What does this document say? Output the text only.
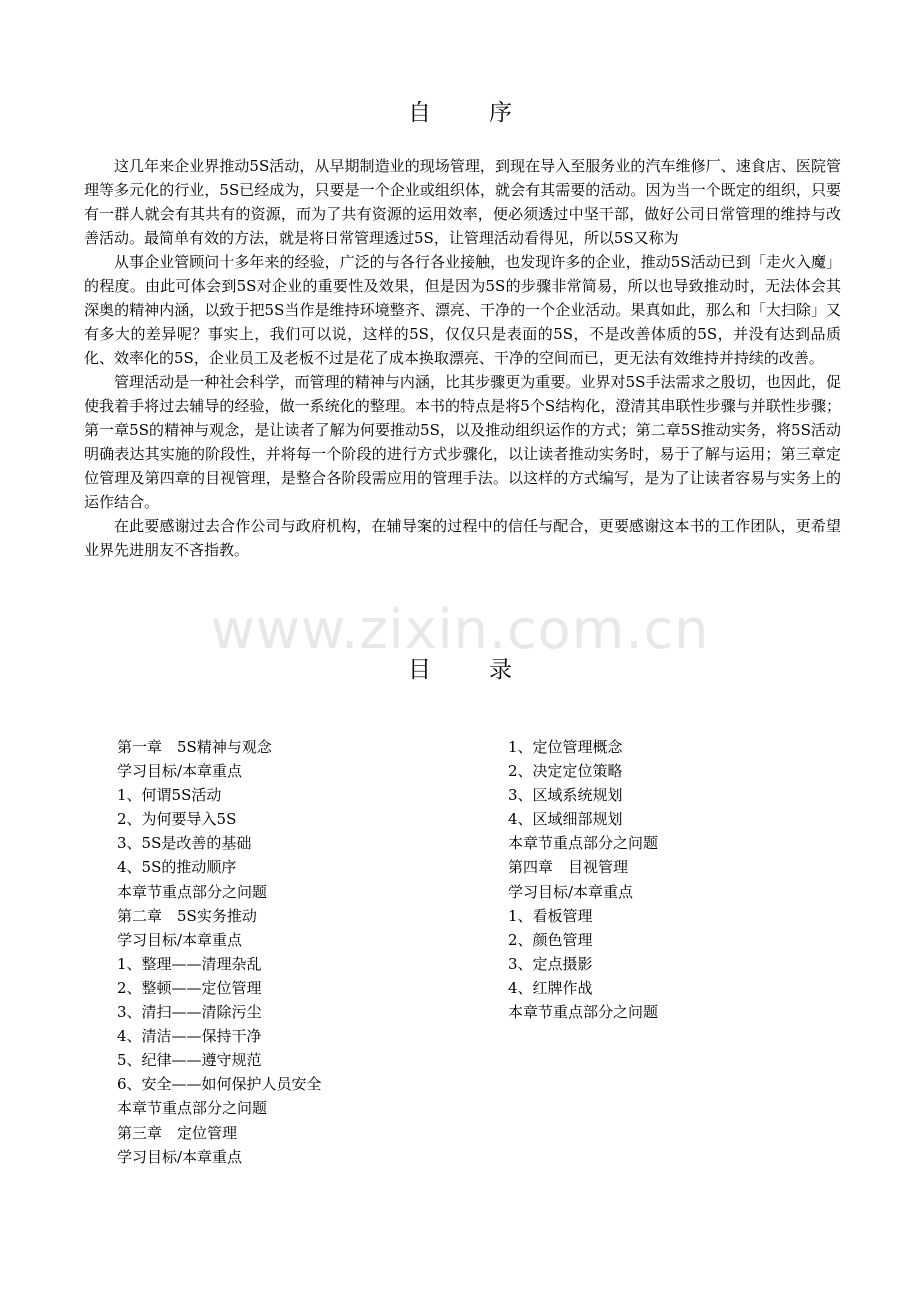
自序

这几年来企业界推动5S活动，从早期制造业的现场管理，到现在导入至服务业的汽车维修厂、速食店、医院管理等多元化的行业，5S已经成为，只要是一个企业或组织体，就会有其需要的活动。因为当一个既定的组织，只要有一群人就会有其共有的资源，而为了共有资源的运用效率，便必须透过中坚干部，做好公司日常管理的维持与改善活动。最简单有效的方法，就是将日常管理透过5S，让管理活动看得见，所以5S又称为

从事企业管顾问十多年来的经验，广泛的与各行各业接触，也发现许多的企业，推动5S活动已到「走火入魔」的程度。由此可体会到5S对企业的重要性及效果，但是因为5S的步骤非常简易，所以也导致推动时，无法体会其深奥的精神内涵，以致于把5S当作是维持环境整齐、漂亮、干净的一个企业活动。果真如此，那么和「大扫除」又有多大的差异呢？事实上，我们可以说，这样的5S，仅仅只是表面的5S，不是改善体质的5S，并没有达到品质化、效率化的5S，企业员工及老板不过是花了成本换取漂亮、干净的空间而已，更无法有效维持并持续的改善。

管理活动是一种社会科学，而管理的精神与内涵，比其步骤更为重要。业界对5S手法需求之殷切，也因此，促使我着手将过去辅导的经验，做一系统化的整理。本书的特点是将5个S结构化，澄清其串联性步骤与并联性步骤；第一章5S的精神与观念，是让读者了解为何要推动5S，以及推动组织运作的方式；第二章5S推动实务，将5S活动明确表达其实施的阶段性，并将每一个阶段的进行方式步骤化，以让读者推动实务时，易于了解与运用；第三章定位管理及第四章的目视管理，是整合各阶段需应用的管理手法。以这样的方式编写，是为了让读者容易与实务上的运作结合。

在此要感谢过去合作公司与政府机构，在辅导案的过程中的信任与配合，更要感谢这本书的工作团队，更希望业界先进朋友不吝指教。

www.zixin.com.cn
目录
第一章　5S精神与观念
学习目标/本章重点
1、何谓5S活动
2、为何要导入5S
3、5S是改善的基础
4、5S的推动顺序
本章节重点部分之问题
第二章　5S实务推动
学习目标/本章重点
1、整理——清理杂乱
2、整顿——定位管理
3、清扫——清除污尘
4、清洁——保持干净
5、纪律——遵守规范
6、安全——如何保护人员安全
本章节重点部分之问题
第三章　定位管理
学习目标/本章重点
1、定位管理概念
2、决定定位策略
3、区域系统规划
4、区域细部规划
本章节重点部分之问题
第四章　目视管理
学习目标/本章重点
1、看板管理
2、颜色管理
3、定点摄影
4、红牌作战
本章节重点部分之问题
